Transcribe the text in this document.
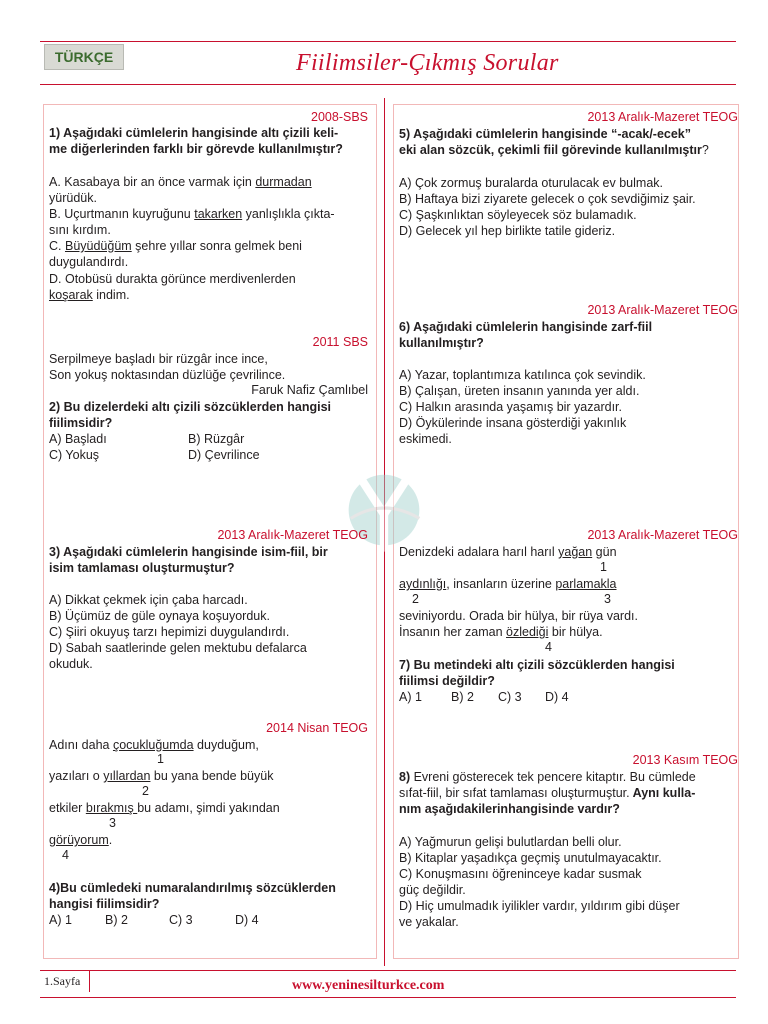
TÜRKÇE	Fiilimsiler-Çıkmış Sorular
2008-SBS
1) Aşağıdaki cümlelerin hangisinde altı çizili keli-
me diğerlerinden farklı bir görevde kullanılmıştır?
A. Kasabaya bir an önce varmak için durmadan
yürüdük.
B. Uçurtmanın kuyruğunu takarken yanlışlıkla çıkta-
sını kırdım.
C. Büyüdüğüm şehre yıllar sonra gelmek beni
duygulandırdı.
D. Otobüsü durakta görünce merdivenlerden
koşarak indim.
2011 SBS
Serpilmeye başladı bir rüzgâr ince ince,
Son yokuş noktasından düzlüğe çevrilince.
Faruk Nafiz Çamlıbel
2) Bu dizelerdeki altı çizili sözcüklerden hangisi
fiilimsidir?
A) Başladı	B) Rüzgâr
C) Yokuş	D) Çevrilince
2013 Aralık-Mazeret TEOG
3) Aşağıdaki cümlelerin hangisinde isim-fiil, bir
isim tamlaması oluşturmuştur?
A) Dikkat çekmek için çaba harcadı.
B) Üçümüz de güle oynaya koşuyorduk.
C) Şiiri okuyuş tarzı hepimizi duygulandırdı.
D) Sabah saatlerinde gelen mektubu defalarca
okuduk.
2014 Nisan TEOG
Adını daha çocukluğumda duyduğum,
1
yazıları o yıllardan bu yana bende büyük
2
etkiler bırakmış bu adamı, şimdi yakından
3
görüyorum.
4
4)Bu cümledeki numaralandırılmış sözcüklerden
hangisi fiilimsidir?
A) 1	B) 2	C) 3	D) 4
2013 Aralık-Mazeret TEOG
5) Aşağıdaki cümlelerin hangisinde “-acak/-ecek”
eki alan sözcük, çekimli fiil görevinde kullanılmıştır?
A) Çok zormuş buralarda oturulacak ev bulmak.
B) Haftaya bizi ziyarete gelecek o çok sevdiğimiz şair.
C) Şaşkınlıktan söyleyecek söz bulamadık.
D) Gelecek yıl hep birlikte tatile gideriz.
2013 Aralık-Mazeret TEOG
6) Aşağıdaki cümlelerin hangisinde zarf-fiil
kullanılmıştır?
A) Yazar, toplantımıza katılınca çok sevindik.
B) Çalışan, üreten insanın yanında yer aldı.
C) Halkın arasında yaşamış bir yazardır.
D) Öykülerinde insana gösterdiği yakınlık
eskimedi.
2013 Aralık-Mazeret TEOG
Denizdeki adalara harıl harıl yağan gün
1
aydınlığı, insanların üzerine parlamakla
2	3
seviniyordu. Orada bir hülya, bir rüya vardı.
İnsanın her zaman özlediği bir hülya.
4
7) Bu metindeki altı çizili sözcüklerden hangisi
fiilimsi değildir?
A) 1 B) 2 C) 3 D) 4
2013 Kasım TEOG
8) Evreni gösterecek tek pencere kitaptır. Bu cümlede
sıfat-fiil, bir sıfat tamlaması oluşturmuştur. Aynı kulla-
nım aşağıdakilerinhangisinde vardır?
A) Yağmurun gelişi bulutlardan belli olur.
B) Kitaplar yaşadıkça geçmiş unutulmayacaktır.
C) Konuşmasını öğreninceye kadar susmak
güç değildir.
D) Hiç umulmadık iyilikler vardır, yıldırım gibi düşer
ve yakalar.
1.Sayfa	www.yeninesilturkce.com
